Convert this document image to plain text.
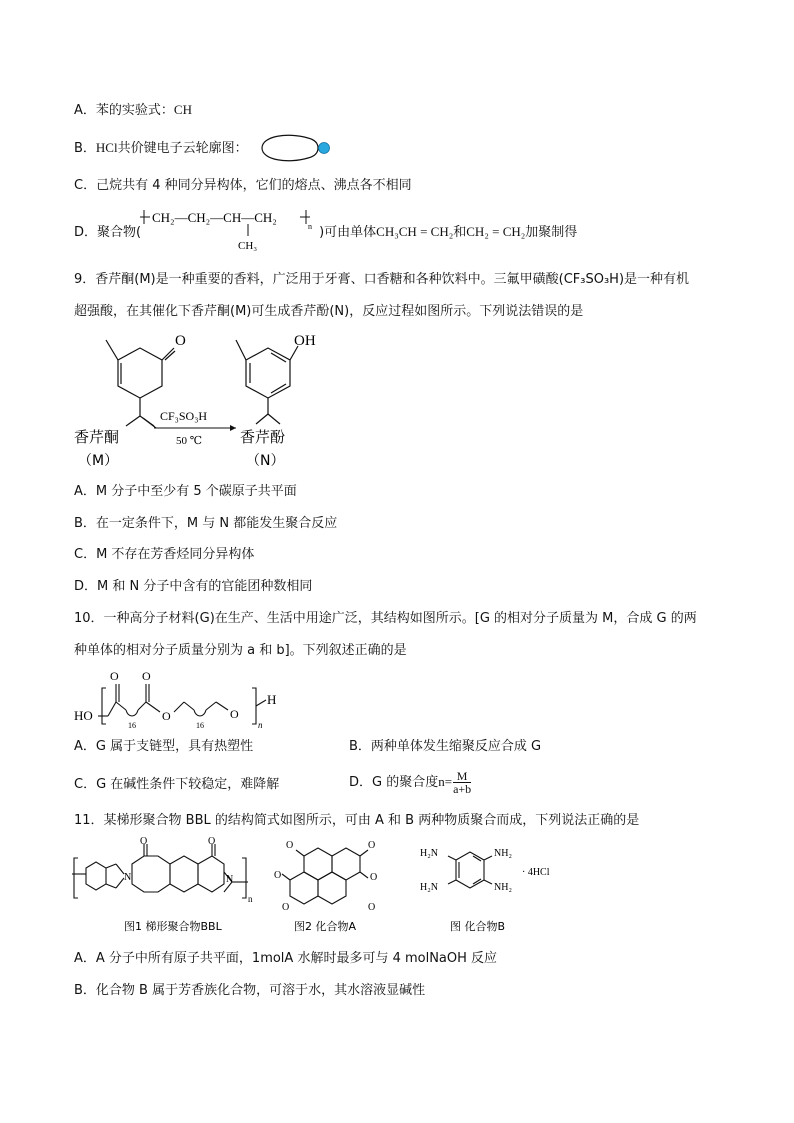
A．苯的实验式：CH
B．HCl共价键电子云轮廓图：
C．己烷共有 4 种同分异构体，它们的熔点、沸点各不相同
D．聚合物(	)可由单体CH₃CH = CH₂和CH₂ = CH₂加聚制得
CH₂—CH₂—CH—CH₂
n
CH₃
9．香芹酮(M)是一种重要的香料，广泛用于牙膏、口香糖和各种饮料中。三氟甲磺酸(CF₃SO₃H)是一种有机
超强酸，在其催化下香芹酮(M)可生成香芹酚(N)，反应过程如图所示。下列说法错误的是
O
香芹酮
（M）
CF₃SO₃H
50 ℃
OH
香芹酚
（N）
A．M 分子中至少有 5 个碳原子共平面
B．在一定条件下，M 与 N 都能发生聚合反应
C．M 不存在芳香烃同分异构体
D．M 和 N 分子中含有的官能团种数相同
10．一种高分子材料(G)在生产、生活中用途广泛，其结构如图所示。[G 的相对分子质量为 M，合成 G 的两
种单体的相对分子质量分别为 a 和 b]。下列叙述正确的是
HO
O O
16
O
16
O
n
H
A．G 属于支链型，具有热塑性	B．两种单体发生缩聚反应合成 G
C．G 在碱性条件下较稳定，难降解	D．G 的聚合度$n= \frac{M}{a+b}$
11．某梯形聚合物 BBL 的结构简式如图所示，可由 A 和 B 两种物质聚合而成，下列说法正确的是
O	O
N	N
n
图1 梯形聚合物BBL
O	O
O	O
O	O
图2 化合物A
H₂N	NH₂
H₂N	NH₂
· 4HCl
图 化合物B
A．A 分子中所有原子共平面，1molA 水解时最多可与 4 molNaOH 反应
B．化合物 B 属于芳香族化合物，可溶于水，其水溶液显碱性
